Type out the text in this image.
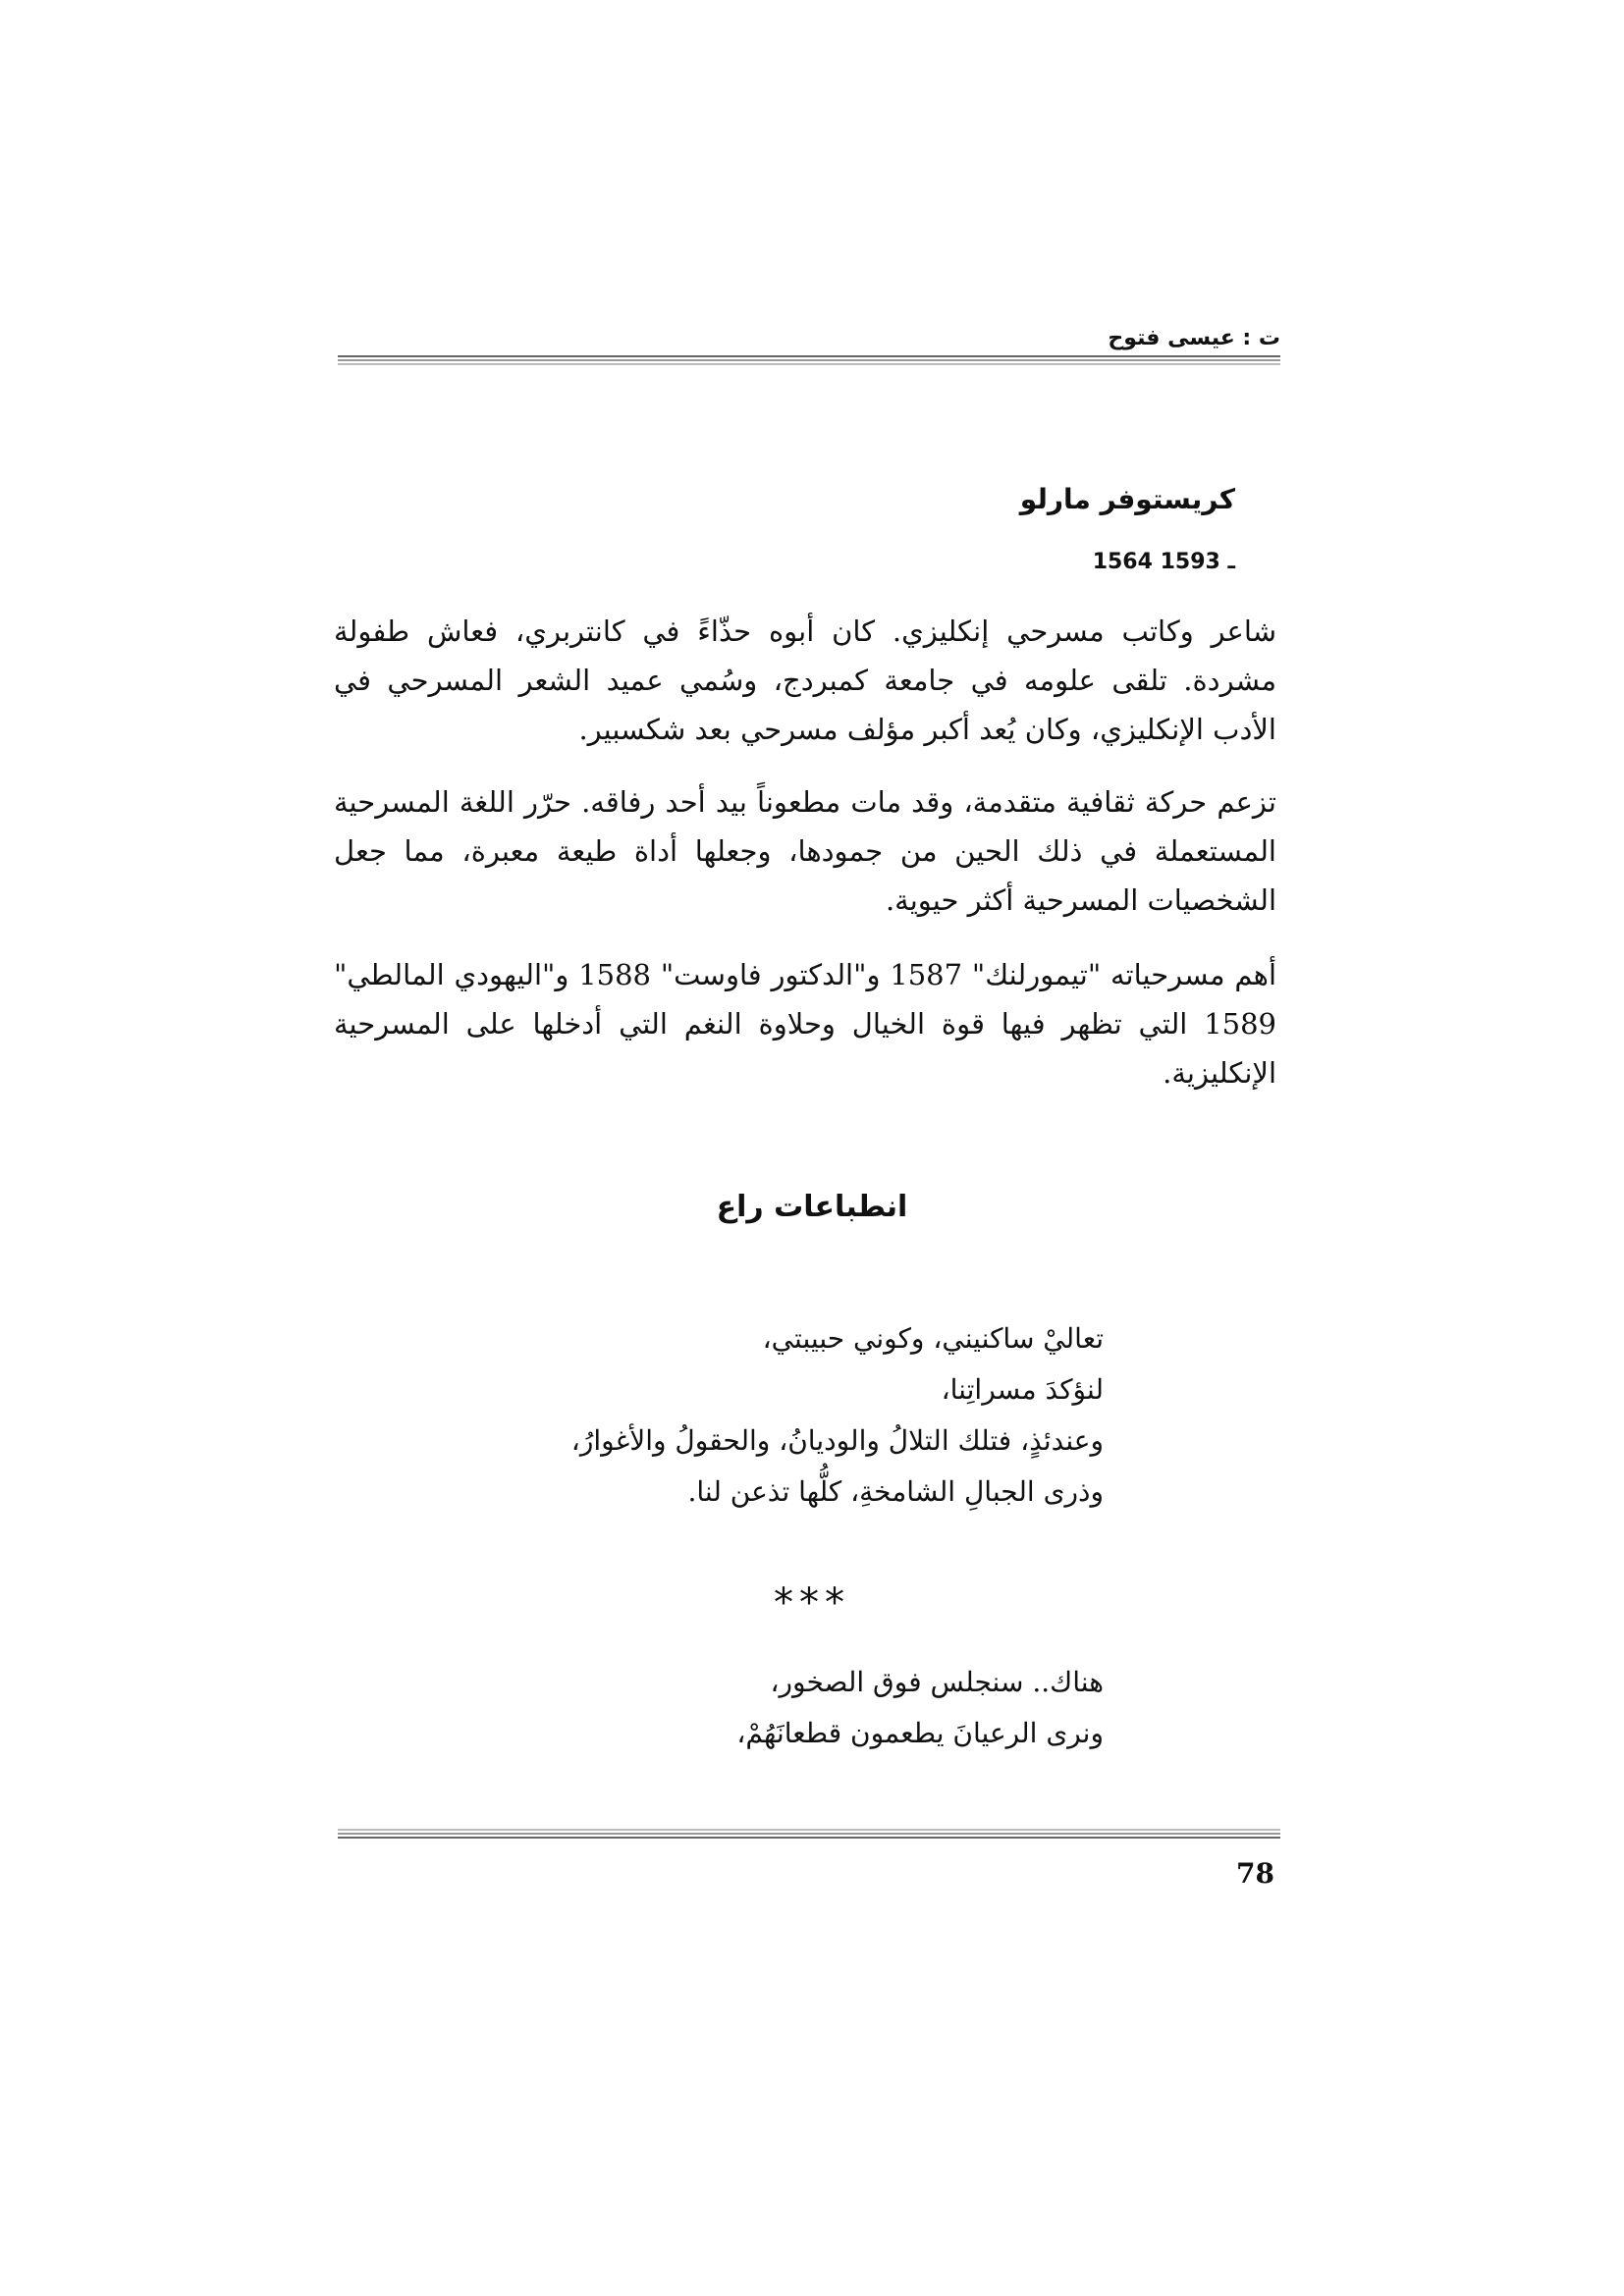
ت : عيسى فتوح
كريستوفر مارلو
1564 ـ 1593

شاعر وكاتب مسرحي إنكليزي. كان أبوه حذّاءً في كانتربري، فعاش طفولة مشردة. تلقى علومه في جامعة كمبردج، وسُمي عميد الشعر المسرحي في الأدب الإنكليزي، وكان يُعد أكبر مؤلف مسرحي بعد شكسبير.

تزعم حركة ثقافية متقدمة، وقد مات مطعوناً بيد أحد رفاقه. حرّر اللغة المسرحية المستعملة في ذلك الحين من جمودها، وجعلها أداة طيعة معبرة، مما جعل الشخصيات المسرحية أكثر حيوية.

أهم مسرحياته "تيمورلنك" 1587 و"الدكتور فاوست" 1588 و"اليهودي المالطي" 1589 التي تظهر فيها قوة الخيال وحلاوة النغم التي أدخلها على المسرحية الإنكليزية.

انطباعات راع
تعاليْ ساكنيني، وكوني حبيبتي،
لنؤكدَ مسراتِنا،
وعندئذٍ، فتلك التلالُ والوديانُ، والحقولُ والأغوارُ،
وذرى الجبالِ الشامخةِ، كلُّها تذعن لنا.
***
هناك.. سنجلس فوق الصخور،
ونرى الرعيانَ يطعمون قطعانَهُمْ،
78
